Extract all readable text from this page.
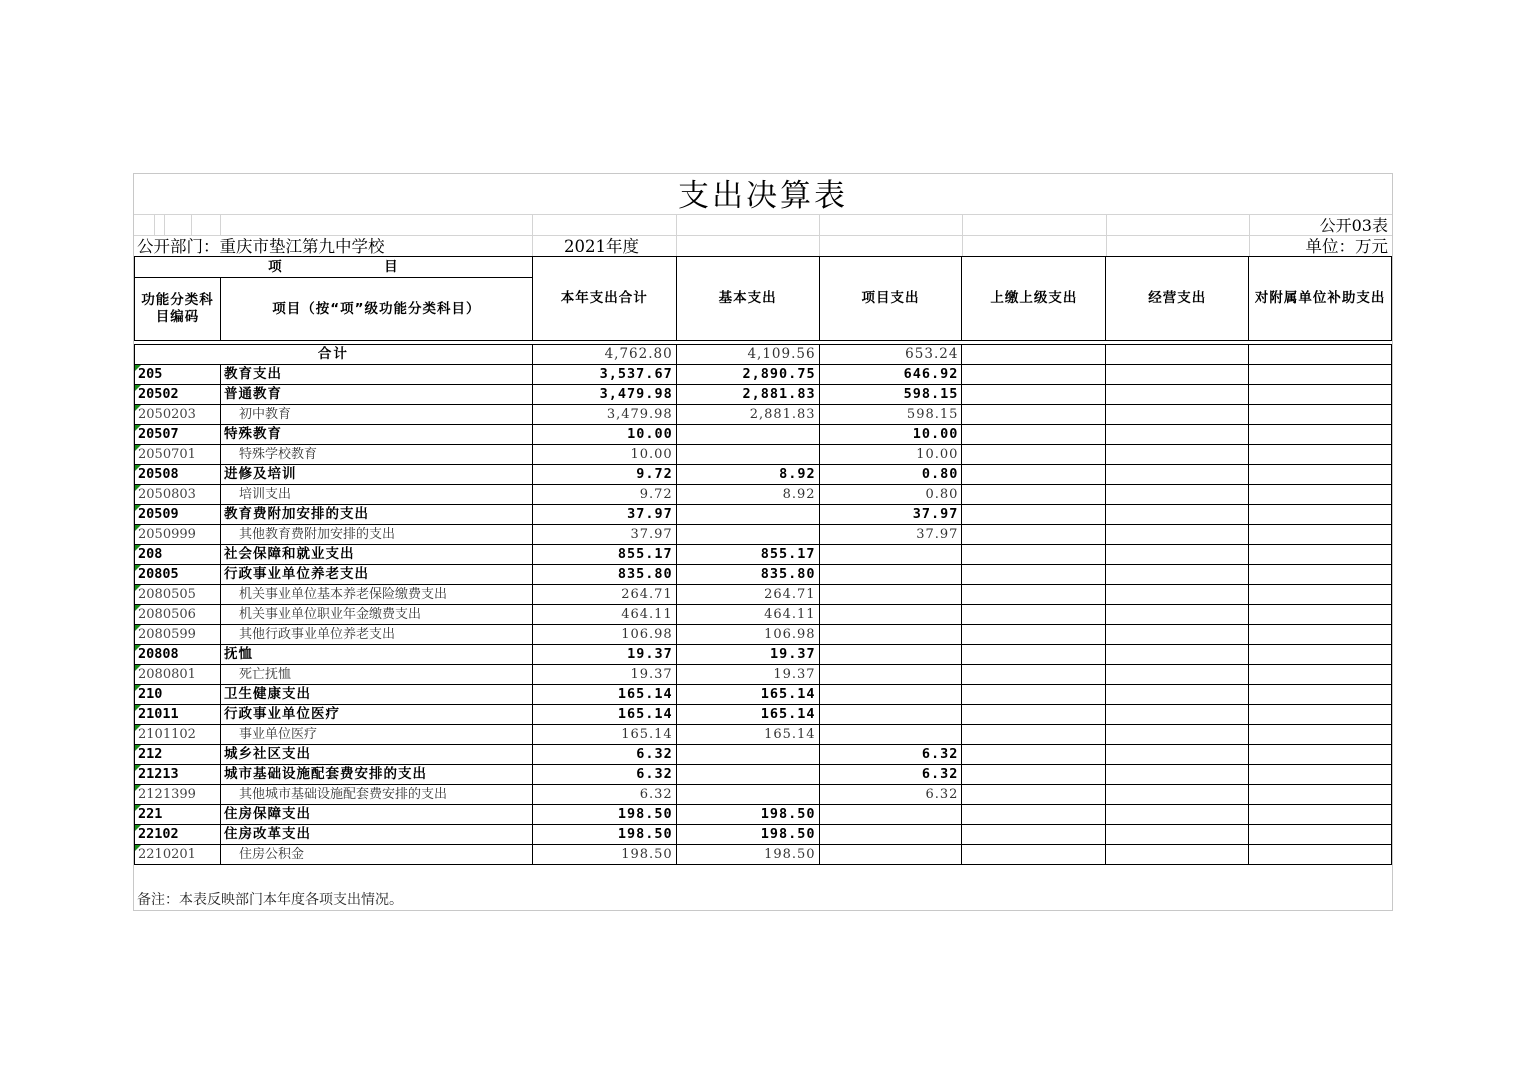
支出决算表
公开03表
公开部门：重庆市垫江第九中学校	2021年度	单位：万元
项　　　　　　　目		本年支出合计	基本支出	项目支出	上缴上级支出	经营支出	对附属单位补助支出
功能分类科目编码	项目（按“项”级功能分类科目）						

合计		4,762.80	4,109.56	653.24			
205	教育支出	3,537.67	2,890.75	646.92			
20502	普通教育	3,479.98	2,881.83	598.15			
2050203	初中教育	3,479.98	2,881.83	598.15			
20507	特殊教育	10.00		10.00			
2050701	特殊学校教育	10.00		10.00			
20508	进修及培训	9.72	8.92	0.80			
2050803	培训支出	9.72	8.92	0.80			
20509	教育费附加安排的支出	37.97		37.97			
2050999	其他教育费附加安排的支出	37.97		37.97			
208	社会保障和就业支出	855.17	855.17				
20805	行政事业单位养老支出	835.80	835.80				
2080505	机关事业单位基本养老保险缴费支出	264.71	264.71				
2080506	机关事业单位职业年金缴费支出	464.11	464.11				
2080599	其他行政事业单位养老支出	106.98	106.98				
20808	抚恤	19.37	19.37				
2080801	死亡抚恤	19.37	19.37				
210	卫生健康支出	165.14	165.14				
21011	行政事业单位医疗	165.14	165.14				
2101102	事业单位医疗	165.14	165.14				
212	城乡社区支出	6.32		6.32			
21213	城市基础设施配套费安排的支出	6.32		6.32			
2121399	其他城市基础设施配套费安排的支出	6.32		6.32			
221	住房保障支出	198.50	198.50				
22102	住房改革支出	198.50	198.50				
2210201	住房公积金	198.50	198.50				
备注：本表反映部门本年度各项支出情况。
